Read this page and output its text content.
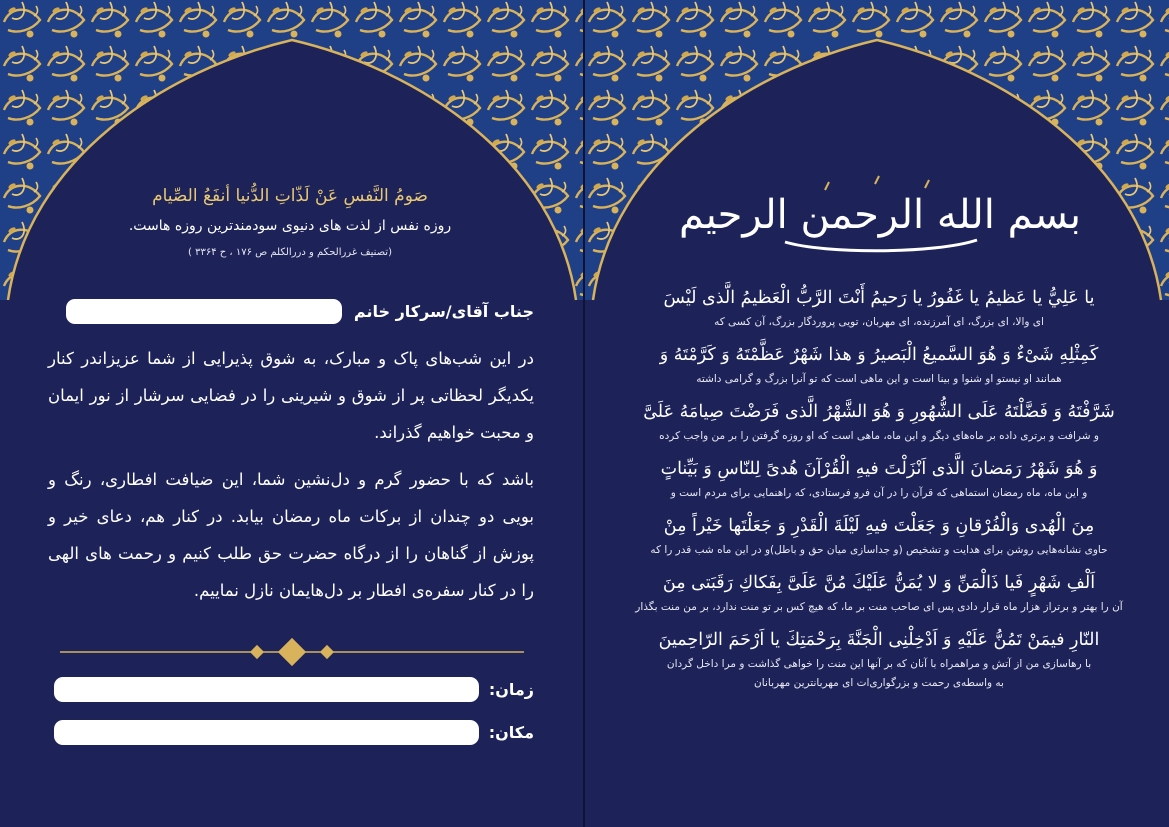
صَومُ النَّفسِ عَنْ لَذّاتِ الدُّنيا أنفَعُ الصِّيام
روزه نفس از لذت های دنیوی سودمندترین روزه هاست.
(تصنیف غررالحکم و دررالکلم ص ۱۷۶ ، ح ۳۳۶۴ )
جناب آقای/سرکار خانم

در این شب‌های پاک و مبارک، به شوق پذیرایی از شما عزیزاندر کنار یکدیگر لحظاتی پر از شوق و شیرینی را در فضایی سرشار از نور ایمان و محبت خواهیم گذراند.

باشد که با حضور گرم و دل‌نشین شما، این ضیافت افطاری، رنگ و بویی دو چندان از برکات ماه رمضان بیابد. در کنار هم، دعای خیر و پوزش از گناهان را از درگاه حضرت حق طلب کنیم و رحمت های الهی را در کنار سفره‌ی افطار بر دل‌هایمان نازل نماییم.

زمان:
مکان:
بسم الله الرحمن الرحیم
يا عَلِيُّ يا عَظيمُ يا غَفُورُ يا رَحيمُ أَنْتَ الرَّبُّ الْعَظيمُ الَّذى لَيْسَ
ای والا، ای بزرگ، ای آمرزنده، ای مهربان، تویی پروردگار بزرگ، آن کسی که
كَمِثْلِهِ شَىْءٌ وَ هُوَ السَّميعُ الْبَصيرُ وَ هذا شَهْرٌ عَظَّمْتَهُ وَ كَرَّمْتَهُ وَ
همانند او نیستو او شنوا و بینا است و این ماهی است که تو آنرا بزرگ و گرامی داشته
شَرَّفْتَهُ وَ فَضَّلْتَهُ عَلَى الشُّهُورِ وَ هُوَ الشَّهْرُ الَّذى فَرَضْتَ صِيامَهُ عَلَىَّ
و شرافت و برتری داده بر ماه‌های دیگر و این ماه، ماهی است که او روزه گرفتن را بر من واجب کرده
وَ هُوَ شَهْرُ رَمَضانَ الَّذى اَنْزَلْتَ فيهِ الْقُرْآنَ هُدىً لِلنّاسِ وَ بَيِّناتٍ
و این ماه، ماه رمضان استماهی که قرآن را در آن فرو فرستادی، که راهنمایی برای مردم است و
مِنَ الْهُدى وَالْفُرْقانِ وَ جَعَلْتَ فيهِ لَيْلَةَ الْقَدْرِ وَ جَعَلْتَها خَيْراً مِنْ
حاوی نشانه‌هایی روشن برای هدایت و تشخیص (و جداسازی میان حق و باطل)و در این ماه شب قدر را که
اَلْفِ شَهْرٍ فَيا ذَالْمَنِّ وَ لا يُمَنُّ عَلَيْكَ مُنَّ عَلَىَّ بِفَكاكِ رَقَبَتى مِنَ
آن را بهتر و برتراز هزار ماه قرار دادی پس ای صاحب منت بر ما، که هیچ کس بر تو منت ندارد، بر من منت بگذار
النّارِ فيمَنْ تَمُنُّ عَلَيْهِ وَ اَدْخِلْنِى الْجَنَّةَ بِرَحْمَتِكَ يا اَرْحَمَ الرّاحِمينَ
با رهاسازی من از آتش و مراهمراه با آنان که بر آنها این منت را خواهی گذاشت و مرا داخل گردان
به واسطه‌ی رحمت و بزرگواری‌ات ای مهربانترین مهربانان
